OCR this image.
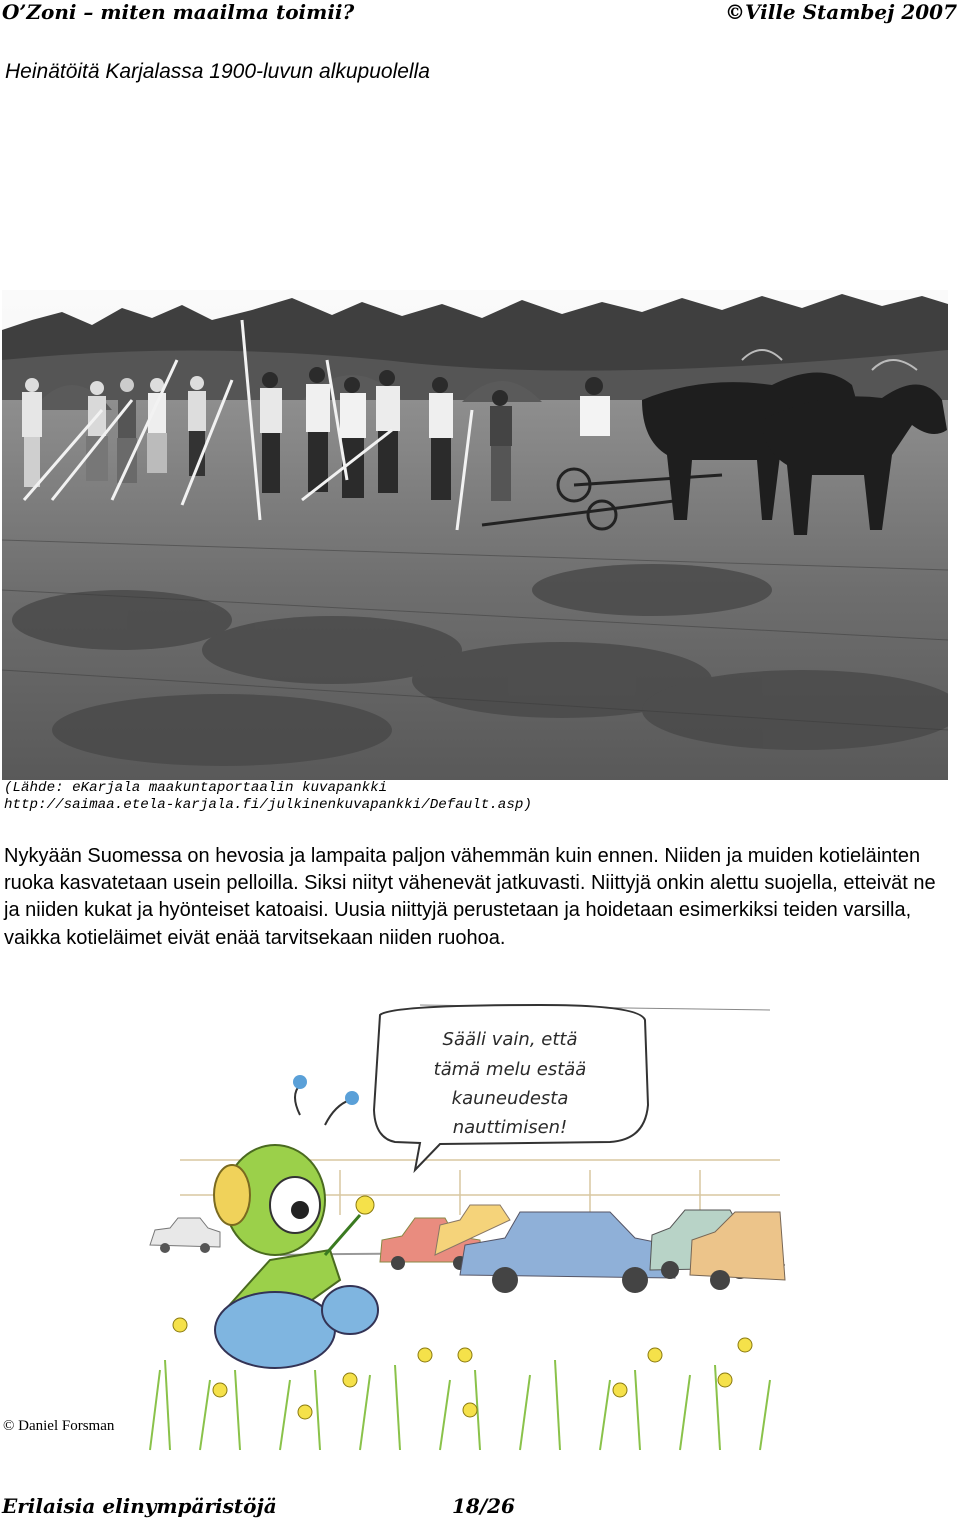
O’Zoni – miten maailma toimii?	©Ville Stambej 2007
Heinätöitä Karjalassa 1900-luvun alkupuolella
(Lähde: eKarjala maakuntaportaalin kuvapankki
http://saimaa.etela-karjala.fi/julkinenkuvapankki/Default.asp)
Nykyään Suomessa on hevosia ja lampaita paljon vähemmän kuin ennen. Niiden ja muiden kotieläinten ruoka kasvatetaan usein pelloilla. Siksi niityt vähenevät jatkuvasti. Niittyjä onkin alettu suojella, etteivät ne ja niiden kukat ja hyönteiset katoaisi. Uusia niittyjä perustetaan ja hoidetaan esimerkiksi teiden varsilla, vaikka kotieläimet eivät enää tarvitsekaan niiden ruohoa.
Sääli vain, että
tämä melu estää
kauneudesta
nauttimisen!
© Daniel Forsman
Erilaisia elinympäristöjä	18/26
